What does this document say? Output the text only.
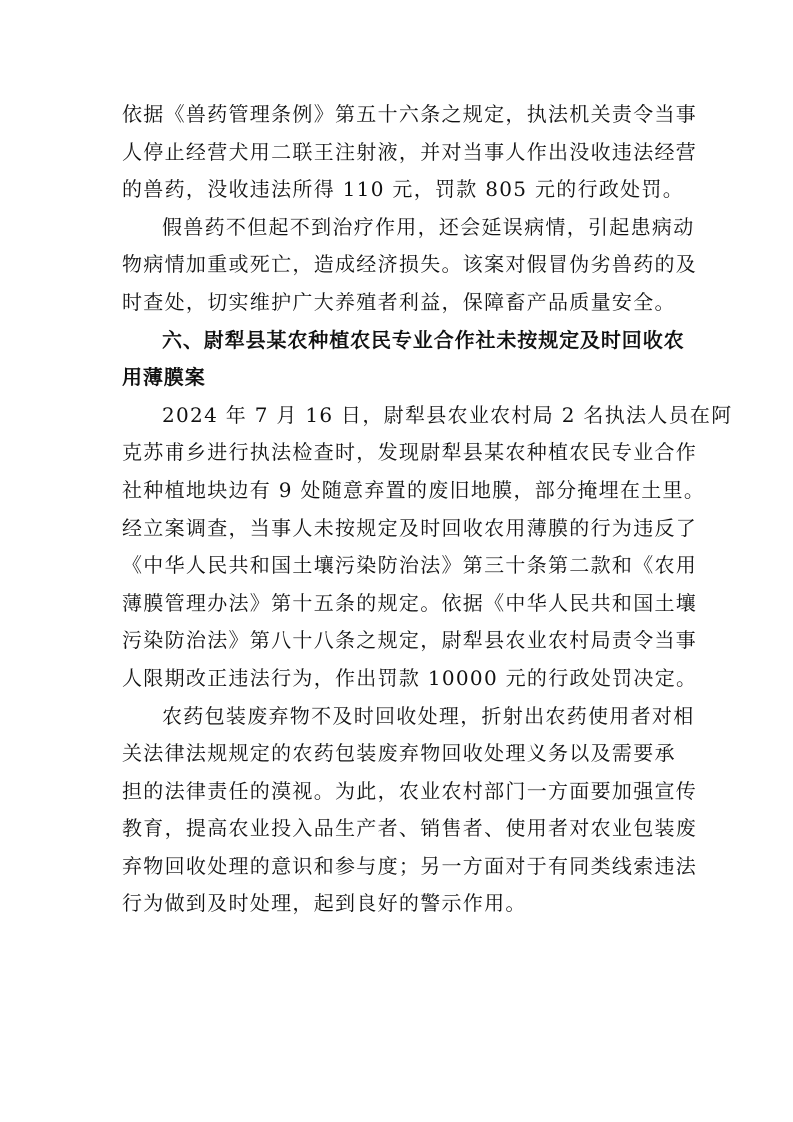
依据《兽药管理条例》第五十六条之规定，执法机关责令当事
人停止经营犬用二联王注射液，并对当事人作出没收违法经营
的兽药，没收违法所得 110 元，罚款 805 元的行政处罚。
假兽药不但起不到治疗作用，还会延误病情，引起患病动
物病情加重或死亡，造成经济损失。该案对假冒伪劣兽药的及
时查处，切实维护广大养殖者利益，保障畜产品质量安全。
六、尉犁县某农种植农民专业合作社未按规定及时回收农
用薄膜案
2024 年 7 月 16 日，尉犁县农业农村局 2 名执法人员在阿
克苏甫乡进行执法检查时，发现尉犁县某农种植农民专业合作
社种植地块边有 9 处随意弃置的废旧地膜，部分掩埋在土里。
经立案调查，当事人未按规定及时回收农用薄膜的行为违反了
《中华人民共和国土壤污染防治法》第三十条第二款和《农用
薄膜管理办法》第十五条的规定。依据《中华人民共和国土壤
污染防治法》第八十八条之规定，尉犁县农业农村局责令当事
人限期改正违法行为，作出罚款 10000 元的行政处罚决定。
农药包装废弃物不及时回收处理，折射出农药使用者对相
关法律法规规定的农药包装废弃物回收处理义务以及需要承
担的法律责任的漠视。为此，农业农村部门一方面要加强宣传
教育，提高农业投入品生产者、销售者、使用者对农业包装废
弃物回收处理的意识和参与度；另一方面对于有同类线索违法
行为做到及时处理，起到良好的警示作用。
